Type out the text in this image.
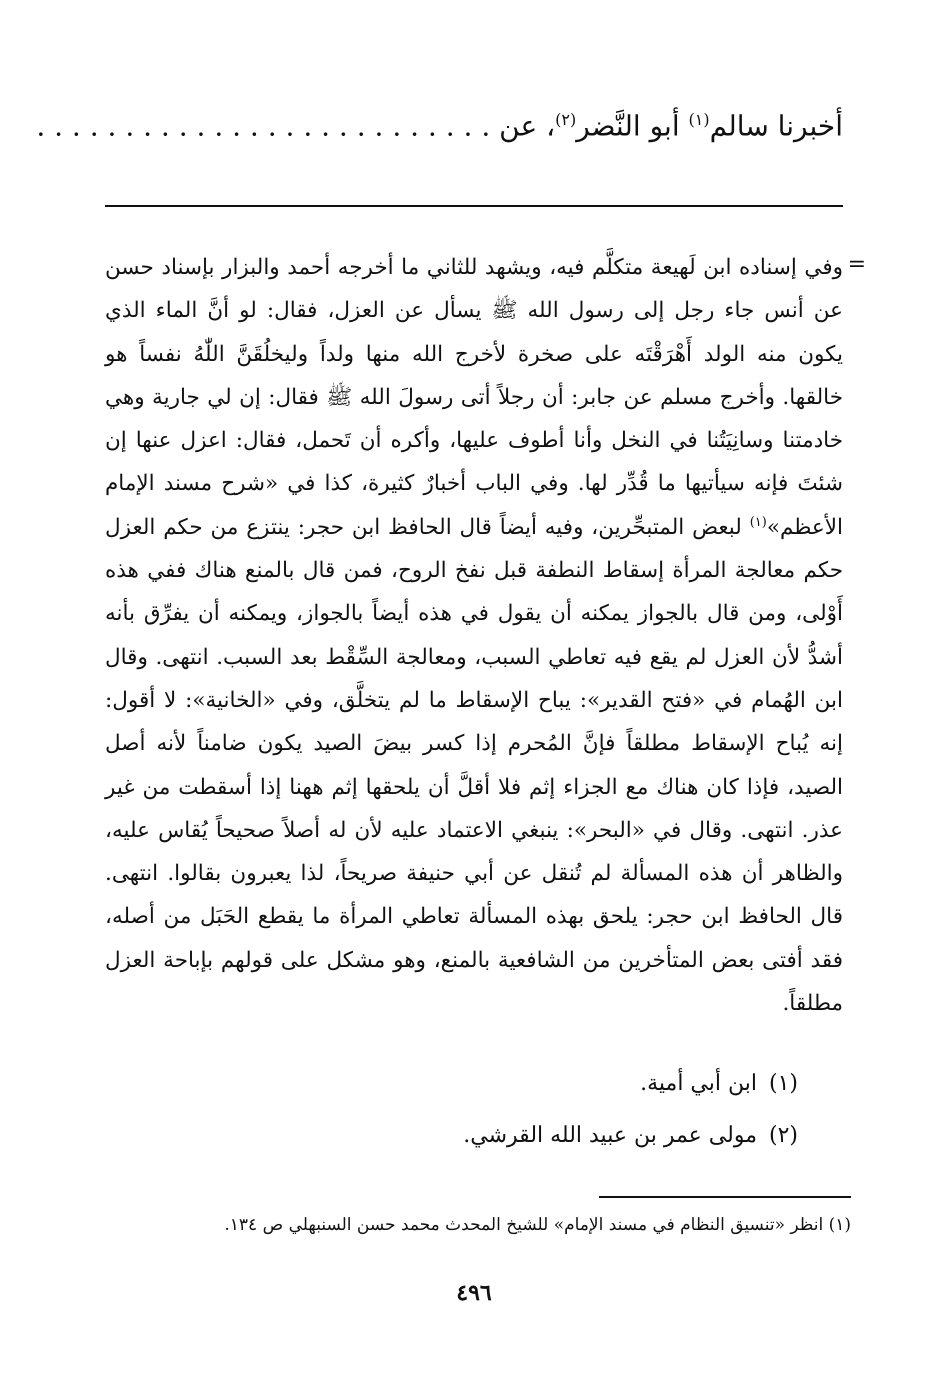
أخبرنا سالم$^{(١)}$ أبو النَّضر$^{(٢)}$، عن . . . . . . . . . . . . . . . . . . . . . . . . . .
=
وفي إسناده ابن لَهيعة متكلَّم فيه، ويشهد للثاني ما أخرجه أحمد والبزار بإسناد حسن عن أنس جاء رجل إلى رسول الله ﷺ يسأل عن العزل، فقال: لو أنَّ الماء الذي يكون منه الولد أَهْرَقْتَه على صخرة لأخرج الله منها ولداً وليخلُقَنَّ اللّٰهُ نفساً هو خالقها. وأخرج مسلم عن جابر: أن رجلاً أتى رسولَ الله ﷺ فقال: إن لي جارية وهي خادمتنا وسانِيَتُنا في النخل وأنا أطوف عليها، وأكره أن تَحمل، فقال: اعزل عنها إن شئتَ فإنه سيأتيها ما قُدِّر لها. وفي الباب أخبارٌ كثيرة، كذا في «شرح مسند الإمام الأعظم»$^{(١)}$ لبعض المتبحِّرين، وفيه أيضاً قال الحافظ ابن حجر: ينتزع من حكم العزل حكم معالجة المرأة إسقاط النطفة قبل نفخ الروح، فمن قال بالمنع هناك ففي هذه أَوْلى، ومن قال بالجواز يمكنه أن يقول في هذه أيضاً بالجواز، ويمكنه أن يفرِّق بأنه أشدُّ لأن العزل لم يقع فيه تعاطي السبب، ومعالجة السِّقْط بعد السبب. انتهى. وقال ابن الهُمام في «فتح القدير»: يباح الإسقاط ما لم يتخلَّق، وفي «الخانية»: لا أقول: إنه يُباح الإسقاط مطلقاً فإنَّ المُحرم إذا كسر بيضَ الصيد يكون ضامناً لأنه أصل الصيد، فإذا كان هناك مع الجزاء إثم فلا أقلَّ أن يلحقها إثم ههنا إذا أسقطت من غير عذر. انتهى. وقال في «البحر»: ينبغي الاعتماد عليه لأن له أصلاً صحيحاً يُقاس عليه، والظاهر أن هذه المسألة لم تُنقل عن أبي حنيفة صريحاً، لذا يعبرون بقالوا. انتهى. قال الحافظ ابن حجر: يلحق بهذه المسألة تعاطي المرأة ما يقطع الحَبَل من أصله، فقد أفتى بعض المتأخرين من الشافعية بالمنع، وهو مشكل على قولهم بإباحة العزل مطلقاً.
(١)ابن أبي أمية.
(٢)مولى عمر بن عبيد الله القرشي.
(١) انظر «تنسيق النظام في مسند الإمام» للشيخ المحدث محمد حسن السنبهلي ص ١٣٤.
٤٩٦
